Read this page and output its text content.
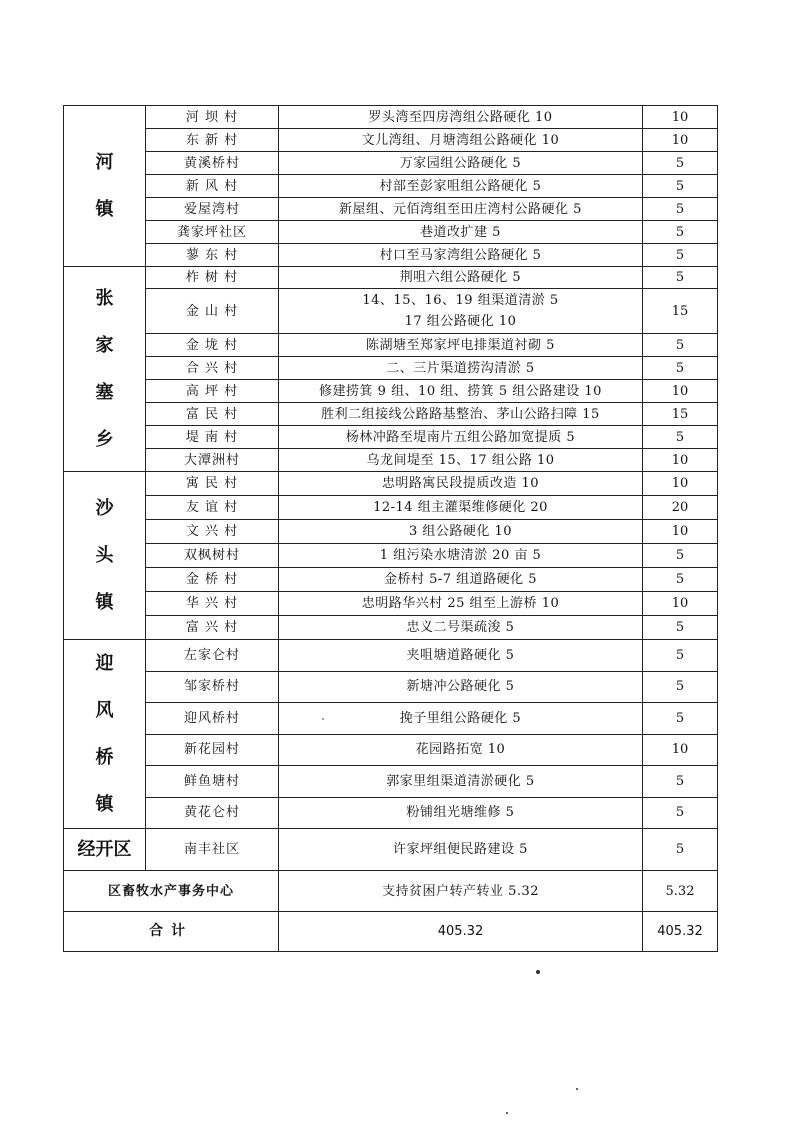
河
镇	河 坝 村	罗头湾至四房湾组公路硬化 10	10
	东 新 村	文儿湾组、月塘湾组公路硬化 10	10
	黄溪桥村	万家园组公路硬化 5	5
	新 风 村	村部至彭家咀组公路硬化 5	5
	爱屋湾村	新屋组、元佰湾组至田庄湾村公路硬化 5	5
	龚家坪社区	巷道改扩建 5	5
	蓼 东 村	村口至马家湾组公路硬化 5	5

张
家
塞
乡	柞 树 村	荆咀六组公路硬化 5	5
	金 山 村	14、15、16、19 组渠道清淤 5
17 组公路硬化 10	15
	金 垅 村	陈湖塘至郑家坪电排渠道衬砌 5	5
	合 兴 村	二、三片渠道捞沟清淤 5	5
	高 坪 村	修建捞箕 9 组、10 组、捞箕 5 组公路建设 10	10
	富 民 村	胜利二组接线公路路基整治、茅山公路扫障 15	15
	堤 南 村	杨林冲路至堤南片五组公路加宽提质 5	5
	大潭洲村	乌龙间堤至 15、17 组公路 10	10

沙
头
镇	寓 民 村	忠明路寓民段提质改造 10	10
	友 谊 村	12-14 组主灌渠维修硬化 20	20
	文 兴 村	3 组公路硬化 10	10
	双枫树村	1 组污染水塘清淤 20 亩 5	5
	金 桥 村	金桥村 5-7 组道路硬化 5	5
	华 兴 村	忠明路华兴村 25 组至上游桥 10	10
	富 兴 村	忠义二号渠疏浚 5	5

迎
风
桥
镇	左家仑村	夹咀塘道路硬化 5	5
	邹家桥村	新塘冲公路硬化 5	5
	迎风桥村	挽子里组公路硬化 5	5
	新花园村	花园路拓宽 10	10
	鲜鱼塘村	郭家里组渠道清淤硬化 5	5
	黄花仑村	粉铺组光塘维修 5	5

经开区	南丰社区	许家坪组便民路建设 5	5
区畜牧水产事务中心		支持贫困户转产转业 5.32	5.32
合计		405.32	405.32
